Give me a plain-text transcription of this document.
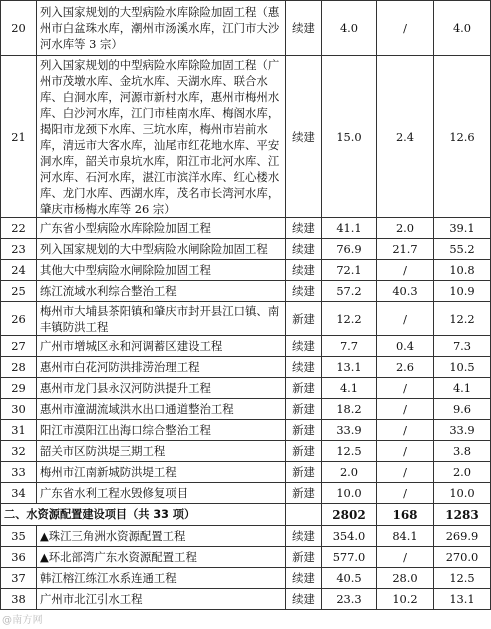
20	列入国家规划的大型病险水库除险加固工程（惠州市白盆珠水库，潮州市汤溪水库，江门市大沙河水库等 3 宗）	续建	4.0	/	4.0
21	列入国家规划的中型病险水库除险加固工程（广州市茂墩水库、金坑水库、天湖水库、联合水库、白洞水库，河源市新村水库，惠州市梅州水库、白沙河水库，江门市桂南水库、梅阁水库，揭阳市龙颈下水库、三坑水库，梅州市岩前水库，清远市大客水库，汕尾市红花地水库、平安洞水库，韶关市泉坑水库，阳江市北河水库、江河水库、石河水库，湛江市滨洋水库、红心楼水库、龙门水库、西湖水库，茂名市长湾河水库，肇庆市杨梅水库等 26 宗）	续建	15.0	2.4	12.6
22	广东省小型病险水库除险加固工程	续建	41.1	2.0	39.1
23	列入国家规划的大中型病险水闸除险加固工程	续建	76.9	21.7	55.2
24	其他大中型病险水闸除险加固工程	续建	72.1	/	10.8
25	练江流域水利综合整治工程	续建	57.2	40.3	10.9
26	梅州市大埔县茶阳镇和肇庆市封开县江口镇、南丰镇防洪工程	新建	12.2	/	12.2
27	广州市增城区永和河调蓄区建设工程	续建	7.7	0.4	7.3
28	惠州市白花河防洪排涝治理工程	续建	13.1	2.6	10.5
29	惠州市龙门县永汉河防洪提升工程	新建	4.1	/	4.1
30	惠州市潼湖流域洪水出口通道整治工程	新建	18.2	/	9.6
31	阳江市漠阳江出海口综合整治工程	新建	33.9	/	33.9
32	韶关市区防洪堤三期工程	新建	12.5	/	3.8
33	梅州市江南新城防洪堤工程	新建	2.0	/	2.0
34	广东省水利工程水毁修复项目	新建	10.0	/	10.0
二、水资源配置建设项目（共 33 项）			2802	168	1283
35	▲珠江三角洲水资源配置工程	续建	354.0	84.1	269.9
36	▲环北部湾广东水资源配置工程	新建	577.0	/	270.0
37	韩江榕江练江水系连通工程	续建	40.5	28.0	12.5
38	广州市北江引水工程	续建	23.3	10.2	13.1
@南方网
